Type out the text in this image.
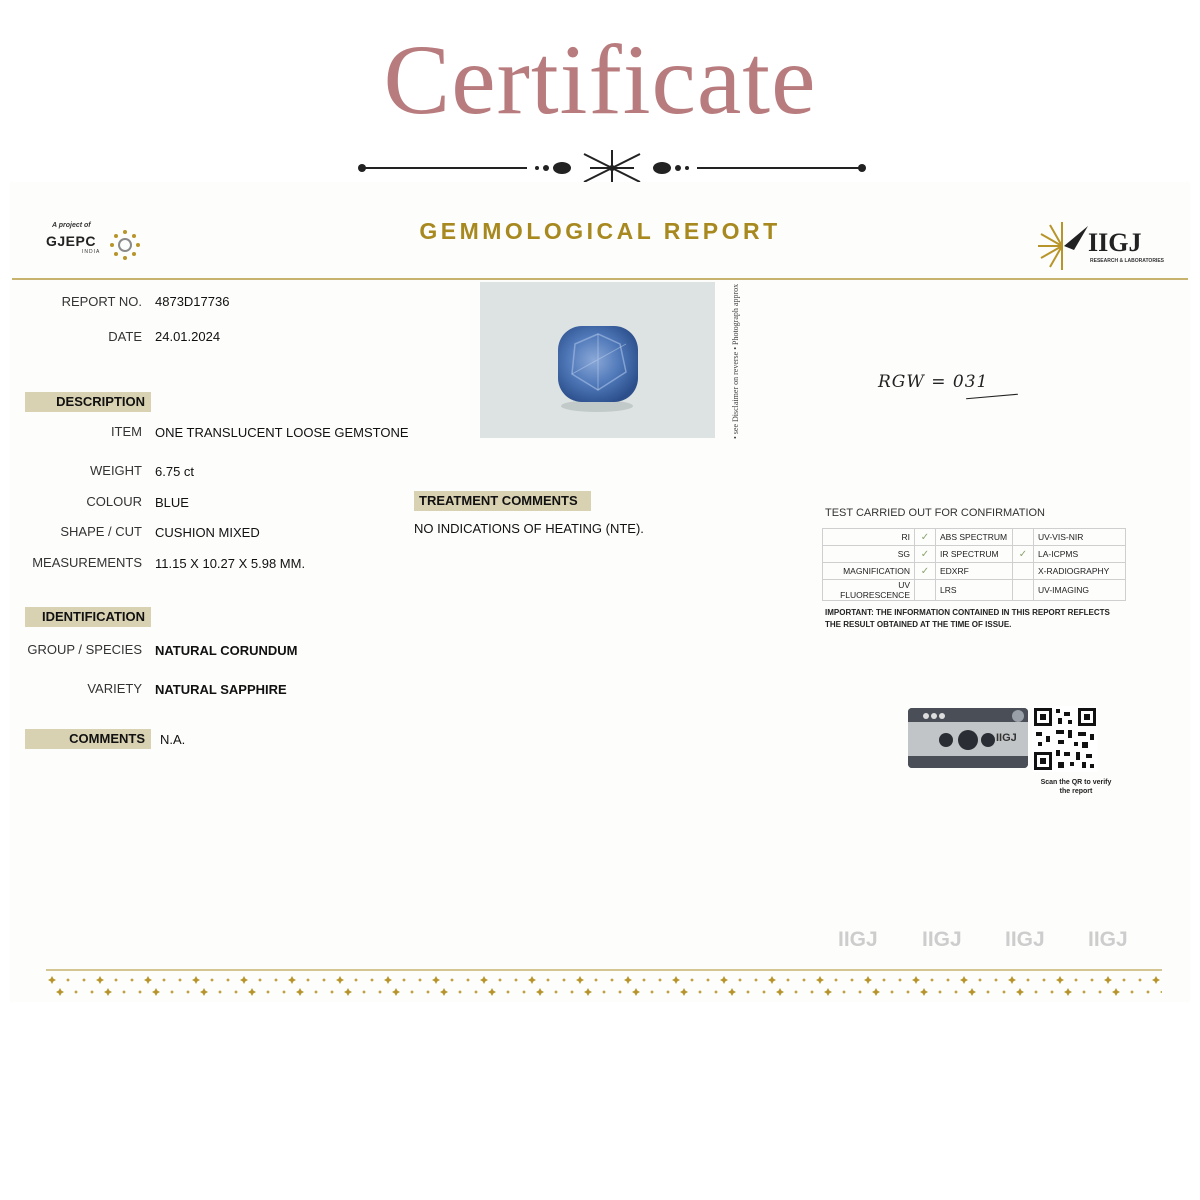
Certificate
A project of
GJEPC
INDIA
GEMMOLOGICAL REPORT	IIGJ
RESEARCH & LABORATORIES
REPORT NO. 4873D17736
DATE 24.01.2024
DESCRIPTION
ITEM ONE TRANSLUCENT LOOSE GEMSTONE
WEIGHT 6.75 ct
COLOUR BLUE
SHAPE / CUT CUSHION MIXED
MEASUREMENTS 11.15 X 10.27 X 5.98 MM.
IDENTIFICATION
GROUP / SPECIES NATURAL CORUNDUM
VARIETY NATURAL SAPPHIRE
COMMENTS	N.A.
• see Disclaimer on reverse • Photograph approx.	RGW = 031
TREATMENT COMMENTS
NO INDICATIONS OF HEATING (NTE).
TEST CARRIED OUT FOR CONFIRMATION
RI	✓	ABS SPECTRUM		UV-VIS-NIR
SG	✓	IR SPECTRUM	✓	LA-ICPMS
MAGNIFICATION	✓	EDXRF		X-RADIOGRAPHY
UV FLUORESCENCE		LRS		UV-IMAGING
IMPORTANT: THE INFORMATION CONTAINED IN THIS REPORT REFLECTS THE RESULT OBTAINED AT THE TIME OF ISSUE.
IIGJ
Scan the QR to verify the report
IIGJ IIGJ IIGJ IIGJ
